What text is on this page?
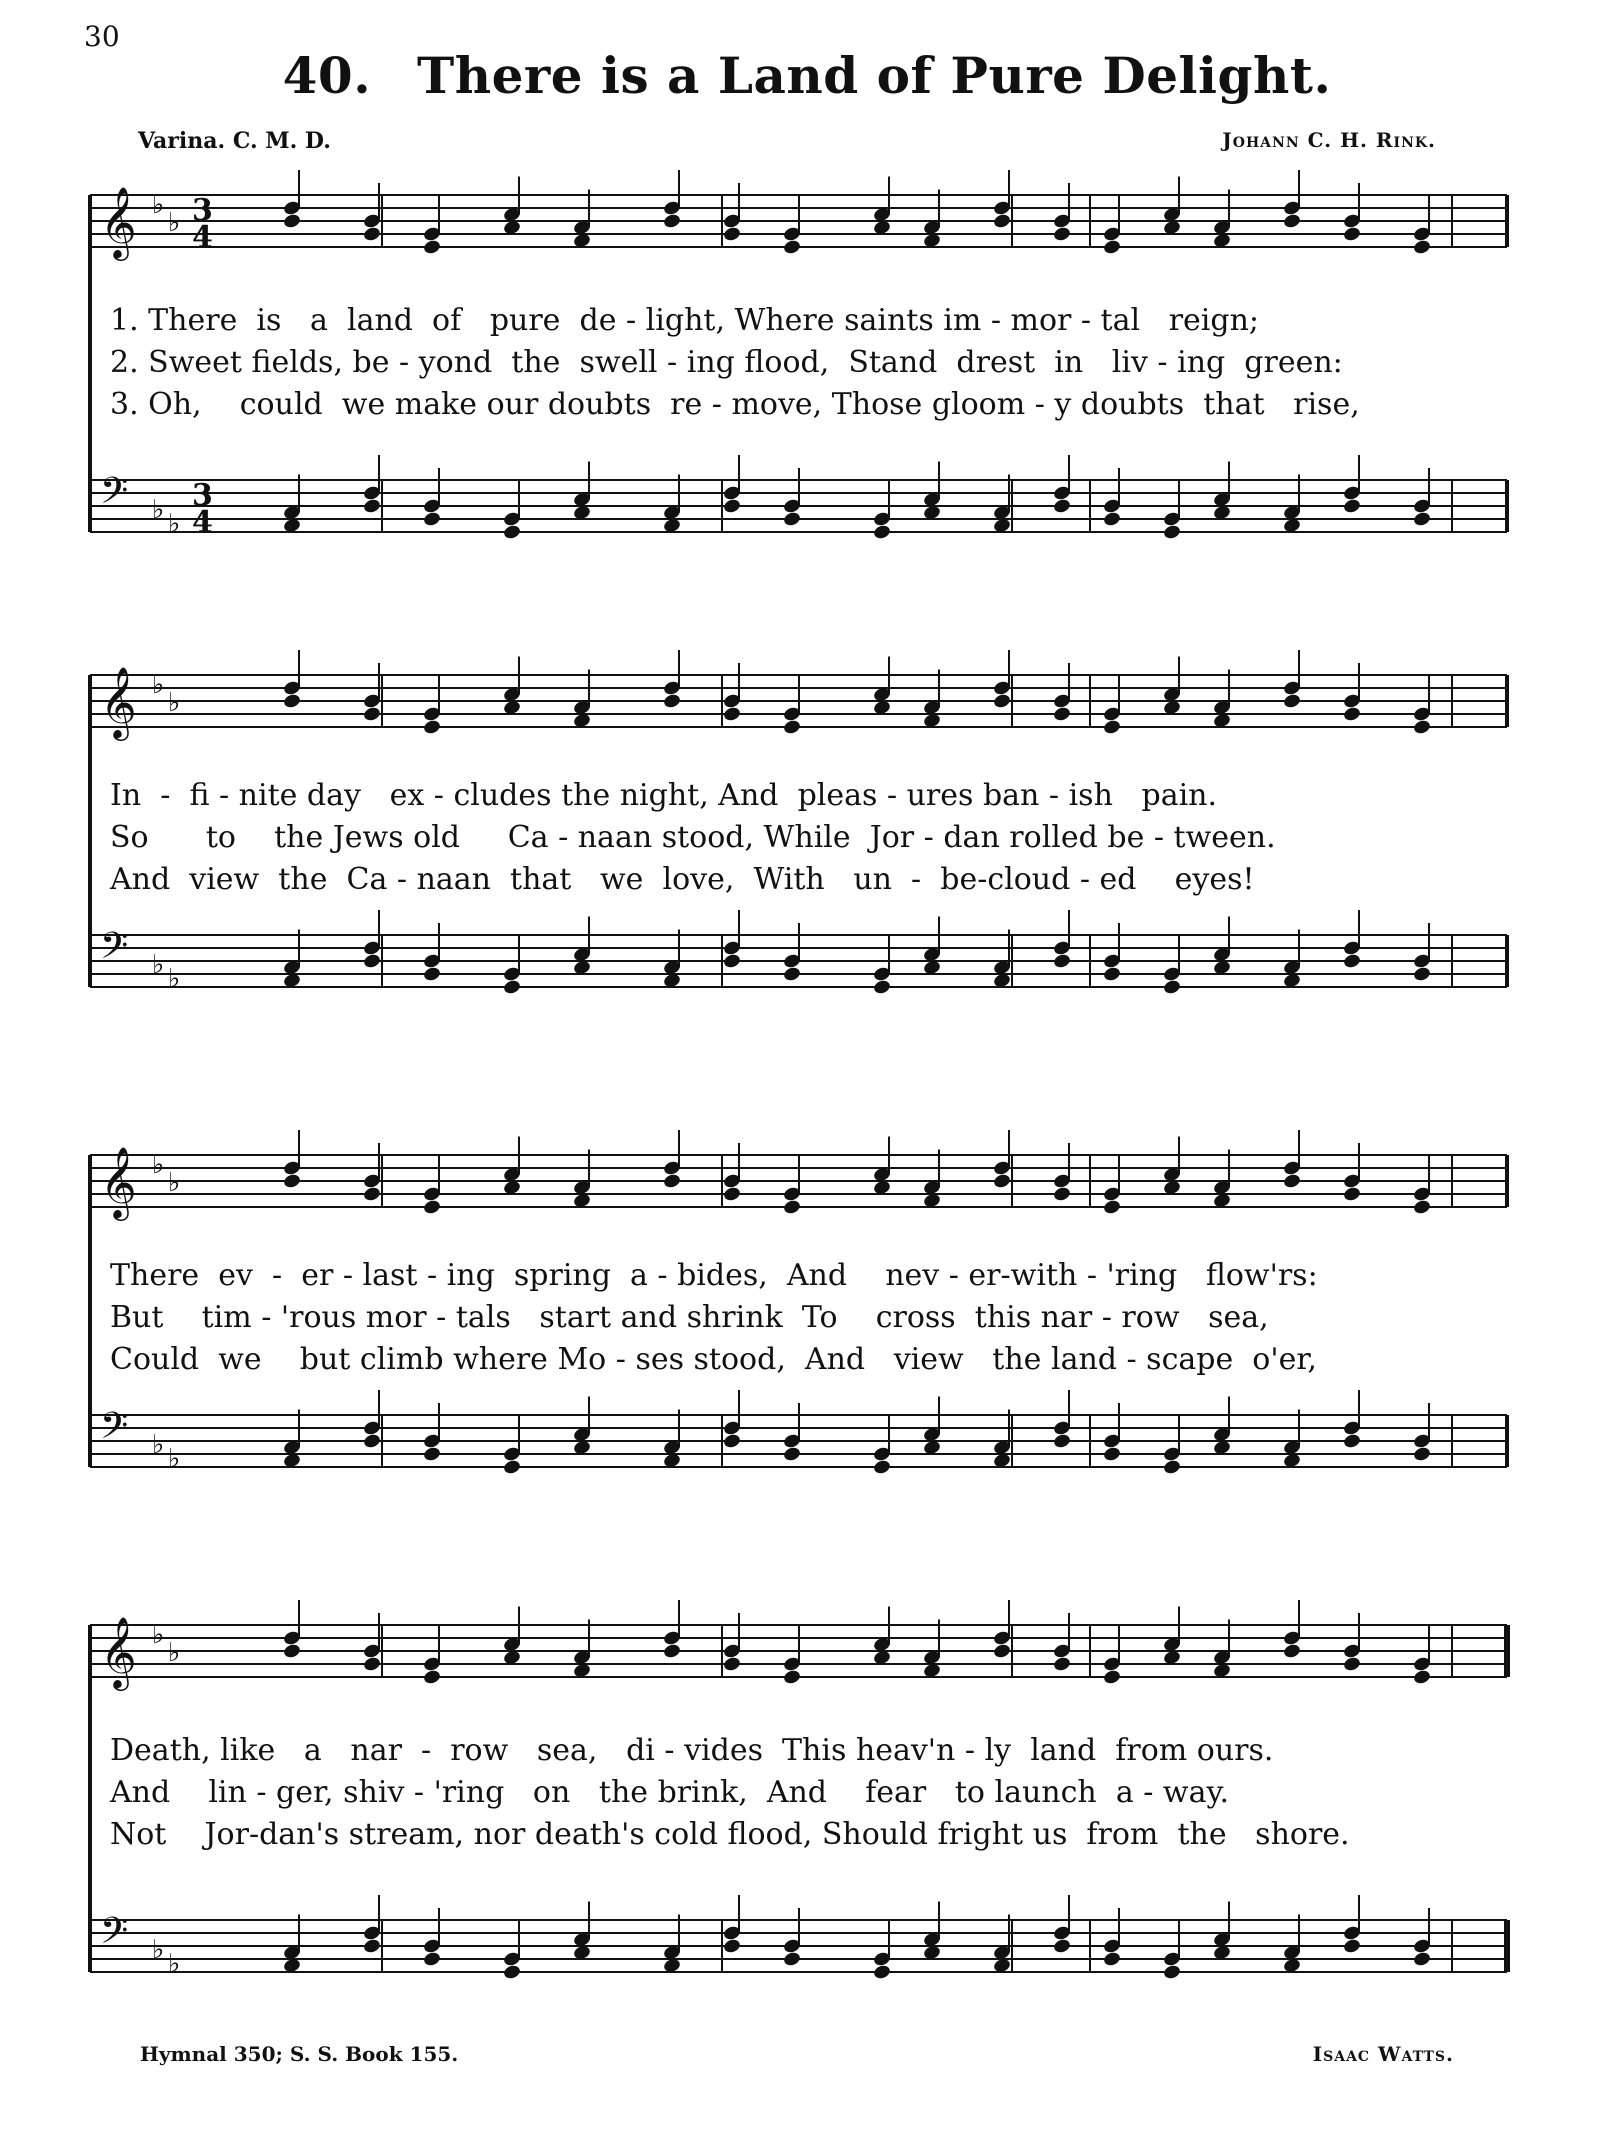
30
40. There is a Land of Pure Delight.
Varina. C. M. D.	Johann C. H. Rink.
𝄞 ♭
♭ 3
4
𝄢 ♭ ♭
3
4
1. There  is   a  land  of   pure  de - light, Where saints im - mor - tal   reign;
2. Sweet fields, be - yond  the  swell - ing flood,  Stand  drest  in   liv - ing  green:
3. Oh,    could  we make our doubts  re - move, Those gloom - y doubts  that   rise,
𝄞 ♭
♭
𝄢 ♭ ♭
In  -  fi - nite day   ex - cludes the night, And  pleas - ures ban - ish   pain.
So      to    the Jews old     Ca - naan stood, While  Jor - dan rolled be - tween.
And  view  the  Ca - naan  that   we  love,  With   un  -  be-cloud - ed    eyes!
𝄞 ♭
♭
𝄢 ♭ ♭
There  ev  -  er - last - ing  spring  a - bides,  And    nev - er-with - 'ring   flow'rs:
But    tim - 'rous mor - tals   start and shrink  To    cross  this nar - row   sea,
Could  we    but climb where Mo - ses stood,  And   view   the land - scape  o'er,
𝄞 ♭
♭
𝄢 ♭ ♭
Death, like   a   nar  -  row   sea,   di - vides  This heav'n - ly  land  from ours.
And    lin - ger, shiv - 'ring   on   the brink,  And    fear   to launch  a - way.
Not    Jor-dan's stream, nor death's cold flood, Should fright us  from  the   shore.
Hymnal 350; S. S. Book 155.	Isaac Watts.
